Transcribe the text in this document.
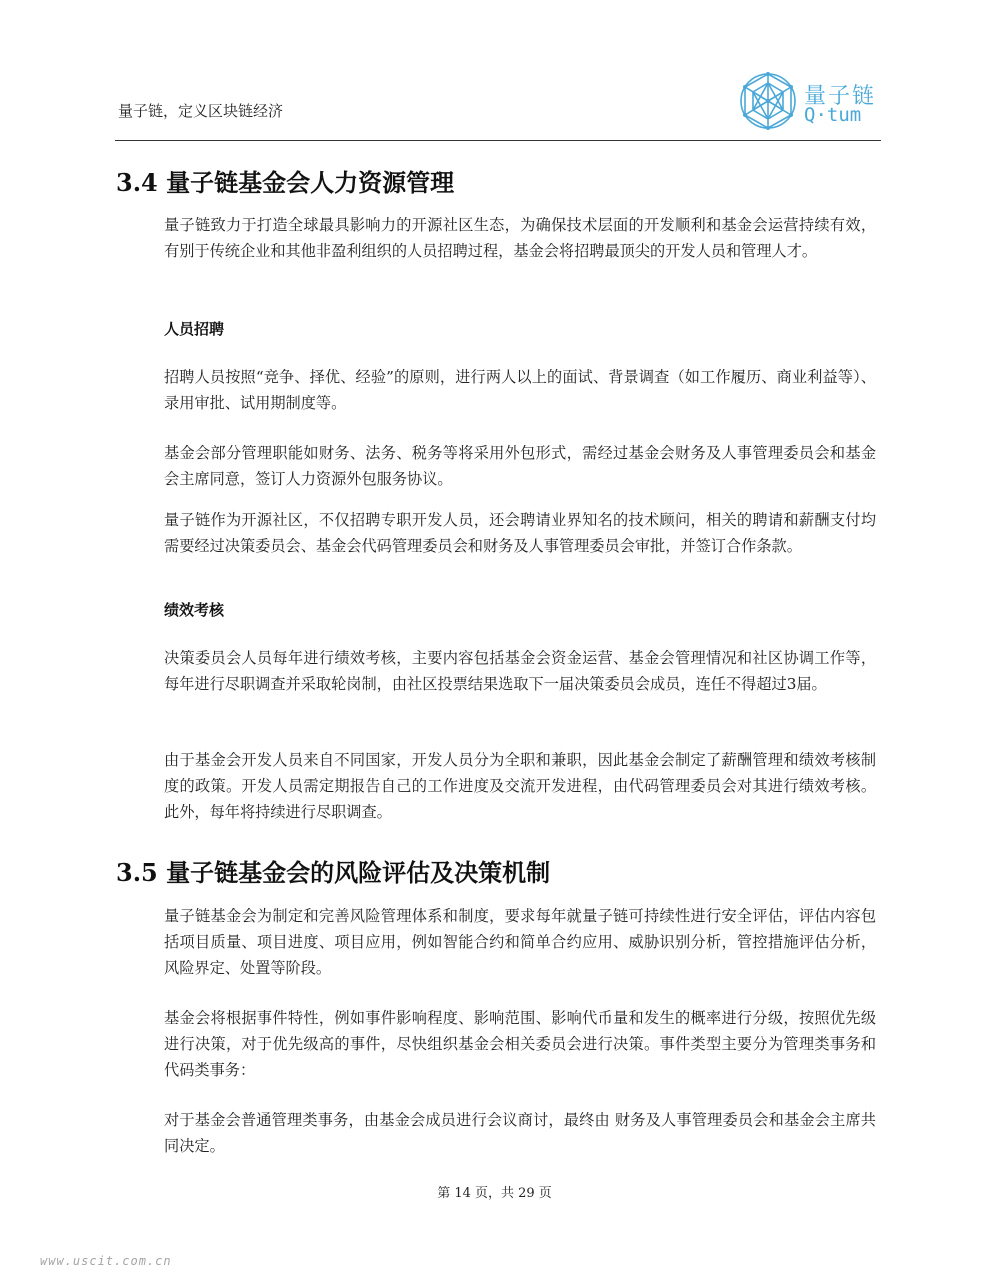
量子链，定义区块链经济
量子链
Q·tum
3.4 量子链基金会人力资源管理

量子链致力于打造全球最具影响力的开源社区生态，为确保技术层面的开发顺利和基金会运营持续有效，有别于传统企业和其他非盈利组织的人员招聘过程，基金会将招聘最顶尖的开发人员和管理人才。

人员招聘

招聘人员按照“竞争、择优、经验”的原则，进行两人以上的面试、背景调查（如工作履历、商业利益等）、录用审批、试用期制度等。

基金会部分管理职能如财务、法务、税务等将采用外包形式，需经过基金会财务及人事管理委员会和基金会主席同意，签订人力资源外包服务协议。

量子链作为开源社区，不仅招聘专职开发人员，还会聘请业界知名的技术顾问，相关的聘请和薪酬支付均需要经过决策委员会、基金会代码管理委员会和财务及人事管理委员会审批，并签订合作条款。

绩效考核

决策委员会人员每年进行绩效考核，主要内容包括基金会资金运营、基金会管理情况和社区协调工作等，每年进行尽职调查并采取轮岗制，由社区投票结果选取下一届决策委员会成员，连任不得超过3届。

由于基金会开发人员来自不同国家，开发人员分为全职和兼职，因此基金会制定了薪酬管理和绩效考核制度的政策。开发人员需定期报告自己的工作进度及交流开发进程，由代码管理委员会对其进行绩效考核。此外，每年将持续进行尽职调查。

3.5 量子链基金会的风险评估及决策机制

量子链基金会为制定和完善风险管理体系和制度，要求每年就量子链可持续性进行安全评估，评估内容包括项目质量、项目进度、项目应用，例如智能合约和简单合约应用、威胁识别分析，管控措施评估分析，风险界定、处置等阶段。

基金会将根据事件特性，例如事件影响程度、影响范围、影响代币量和发生的概率进行分级，按照优先级进行决策，对于优先级高的事件，尽快组织基金会相关委员会进行决策。事件类型主要分为管理类事务和代码类事务：

对于基金会普通管理类事务，由基金会成员进行会议商讨，最终由 财务及人事管理委员会和基金会主席共同决定。

第 14 页，共 29 页
www.uscit.com.cn
